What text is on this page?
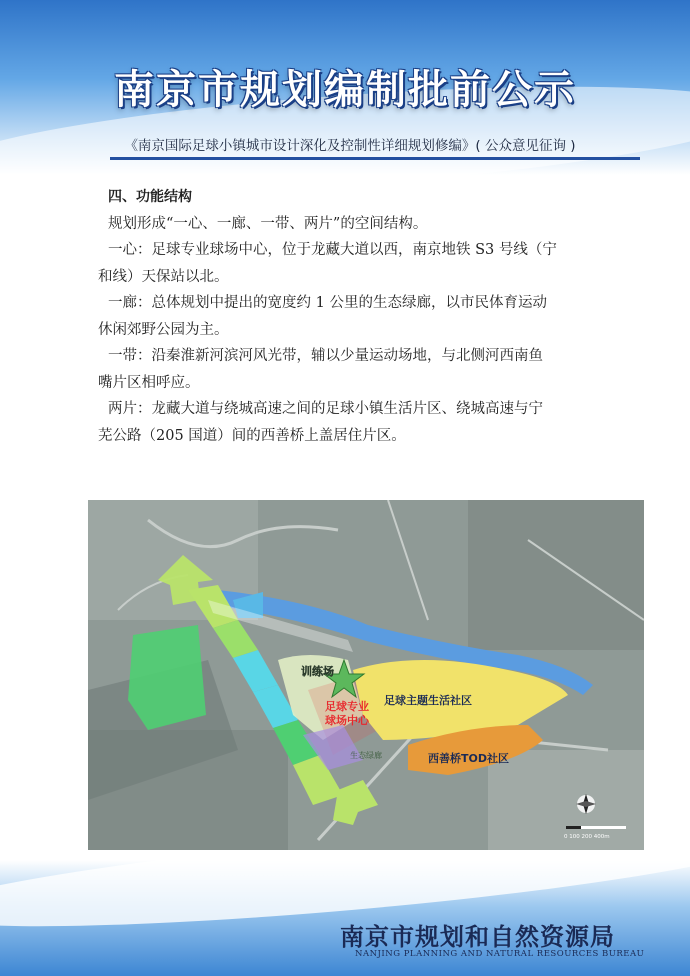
南京市规划编制批前公示
《南京国际足球小镇城市设计深化及控制性详细规划修编》( 公众意见征询 )

四、功能结构

规划形成“一心、一廊、一带、两片”的空间结构。

一心：足球专业球场中心，位于龙藏大道以西，南京地铁 S3 号线（宁

和线）天保站以北。

一廊：总体规划中提出的宽度约 1 公里的生态绿廊，以市民体育运动

休闲郊野公园为主。

一带：沿秦淮新河滨河风光带，辅以少量运动场地，与北侧河西南鱼

嘴片区相呼应。

两片：龙藏大道与绕城高速之间的足球小镇生活片区、绕城高速与宁

芜公路（205 国道）间的西善桥上盖居住片区。

训练场
足球专业
球场中心
足球主题生活社区
西善桥TOD社区
生态绿廊
0 100 200 400m
南京市规划和自然资源局
NANJING PLANNING AND NATURAL RESOURCES BUREAU
